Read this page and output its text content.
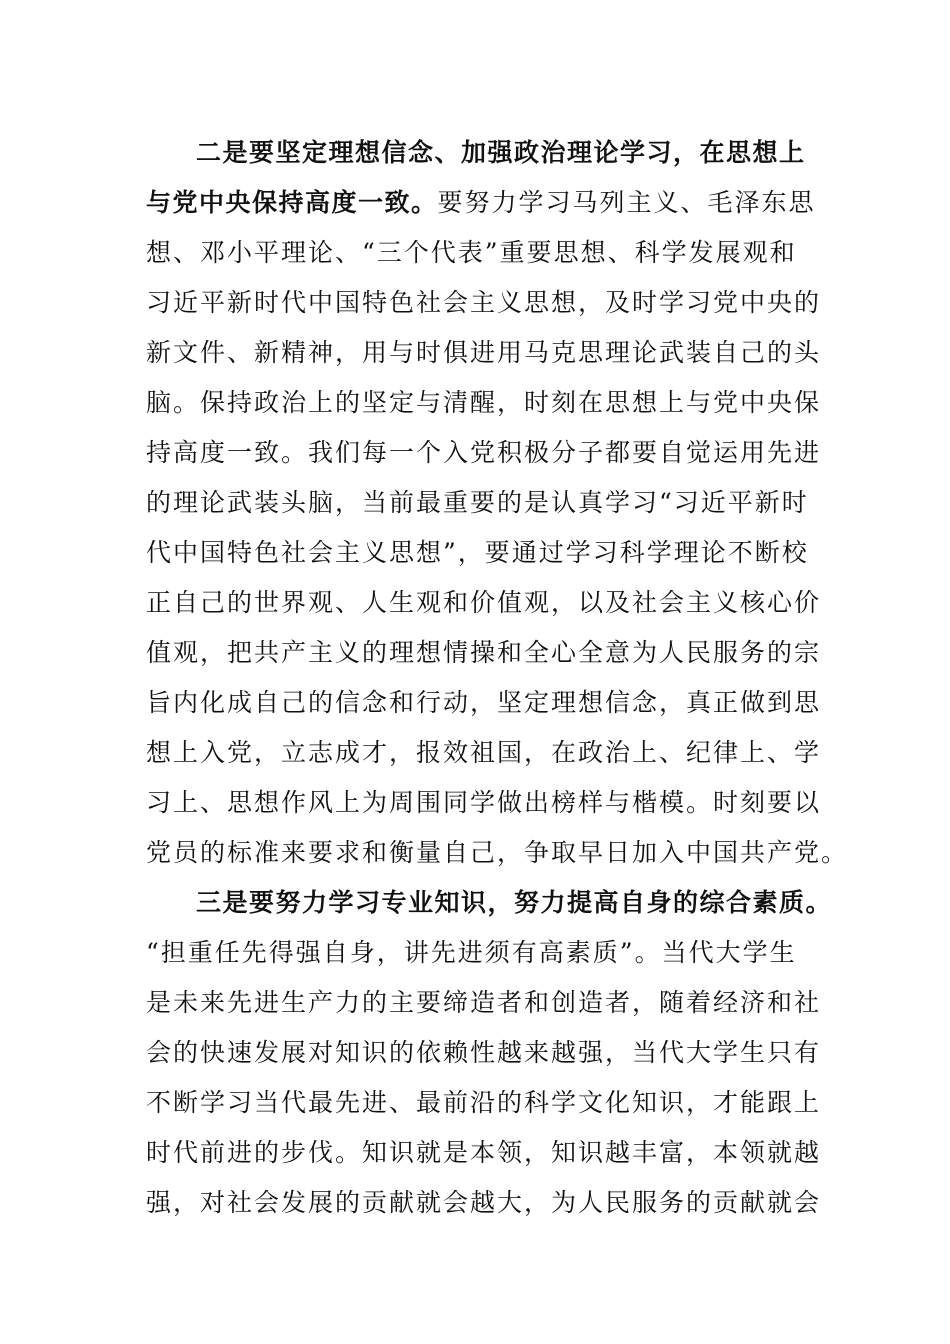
二是要坚定理想信念、加强政治理论学习，在思想上
与党中央保持高度一致。要努力学习马列主义、毛泽东思
想、邓小平理论、“三个代表”重要思想、科学发展观和
习近平新时代中国特色社会主义思想，及时学习党中央的
新文件、新精神，用与时俱进用马克思理论武装自己的头
脑。保持政治上的坚定与清醒，时刻在思想上与党中央保
持高度一致。我们每一个入党积极分子都要自觉运用先进
的理论武装头脑，当前最重要的是认真学习“习近平新时
代中国特色社会主义思想”，要通过学习科学理论不断校
正自己的世界观、人生观和价值观，以及社会主义核心价
值观，把共产主义的理想情操和全心全意为人民服务的宗
旨内化成自己的信念和行动，坚定理想信念，真正做到思
想上入党，立志成才，报效祖国，在政治上、纪律上、学
习上、思想作风上为周围同学做出榜样与楷模。时刻要以
党员的标准来要求和衡量自己，争取早日加入中国共产党。
三是要努力学习专业知识，努力提高自身的综合素质。
“担重任先得强自身，讲先进须有高素质”。当代大学生
是未来先进生产力的主要缔造者和创造者，随着经济和社
会的快速发展对知识的依赖性越来越强，当代大学生只有
不断学习当代最先进、最前沿的科学文化知识，才能跟上
时代前进的步伐。知识就是本领，知识越丰富，本领就越
强，对社会发展的贡献就会越大，为人民服务的贡献就会
